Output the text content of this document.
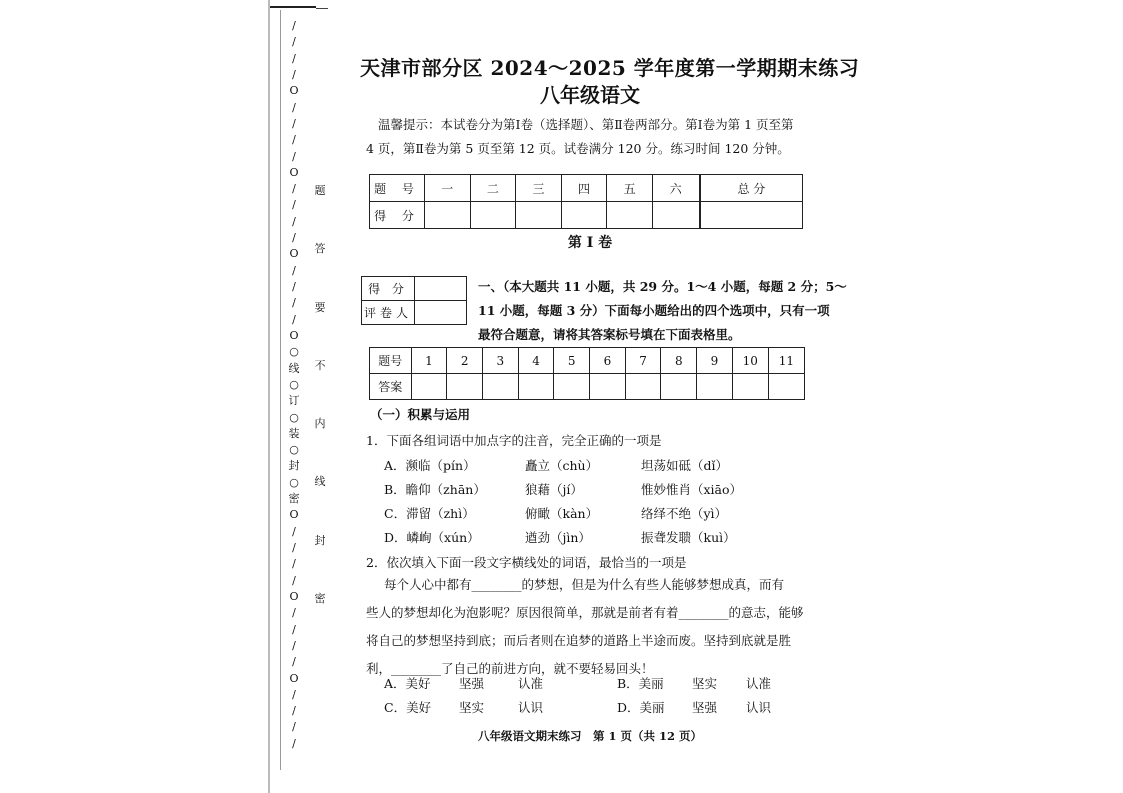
/
/
/
/
O
/
/
/
/
O
/
/
/
/
O
/
/
/
/
O
○
线
○
订
○
装
○
封
○
密
O
/
/
/
/
O
/
/
/
/
O
/
/
/
/
题
答
要
不
内
线
封
密
天津市部分区 2024～2025 学年度第一学期期末练习
八年级语文
温馨提示：本试卷分为第Ⅰ卷（选择题）、第Ⅱ卷两部分。第Ⅰ卷为第 1 页至第
4 页，第Ⅱ卷为第 5 页至第 12 页。试卷满分 120 分。练习时间 120 分钟。
题 号	一	二	三	四	五	六	总 分
得 分							
第 Ⅰ 卷
得 分	
评卷人	
一、（本大题共 11 小题，共 29 分。1～4 小题，每题 2 分；5～
11 小题，每题 3 分）下面每小题给出的四个选项中，只有一项
最符合题意，请将其答案标号填在下面表格里。
题号	1	2	3	4	5	6	7	8	9	10	11
答案											
（一）积累与运用
1．下面各组词语中加点字的注音，完全正确的一项是
A．濒临（pín）	矗立（chù）	坦荡如砥（dǐ）
B．瞻仰（zhān）	狼藉（jí）	惟妙惟肖（xiāo）
C．滞留（zhì）	俯瞰（kàn）	络绎不绝（yì）
D．嶙峋（xún）	遒劲（jìn）	振聋发聩（kuì）
2．依次填入下面一段文字横线处的词语，最恰当的一项是
每个人心中都有________的梦想，但是为什么有些人能够梦想成真，而有
些人的梦想却化为泡影呢？原因很简单，那就是前者有着________的意志，能够
将自己的梦想坚持到底；而后者则在追梦的道路上半途而废。坚持到底就是胜
利，________了自己的前进方向，就不要轻易回头！
A．美好 坚强	认准	B．美丽 坚实 认准
C．美好 坚实	认识	D．美丽 坚强 认识
八年级语文期末练习　第 1 页（共 12 页）
